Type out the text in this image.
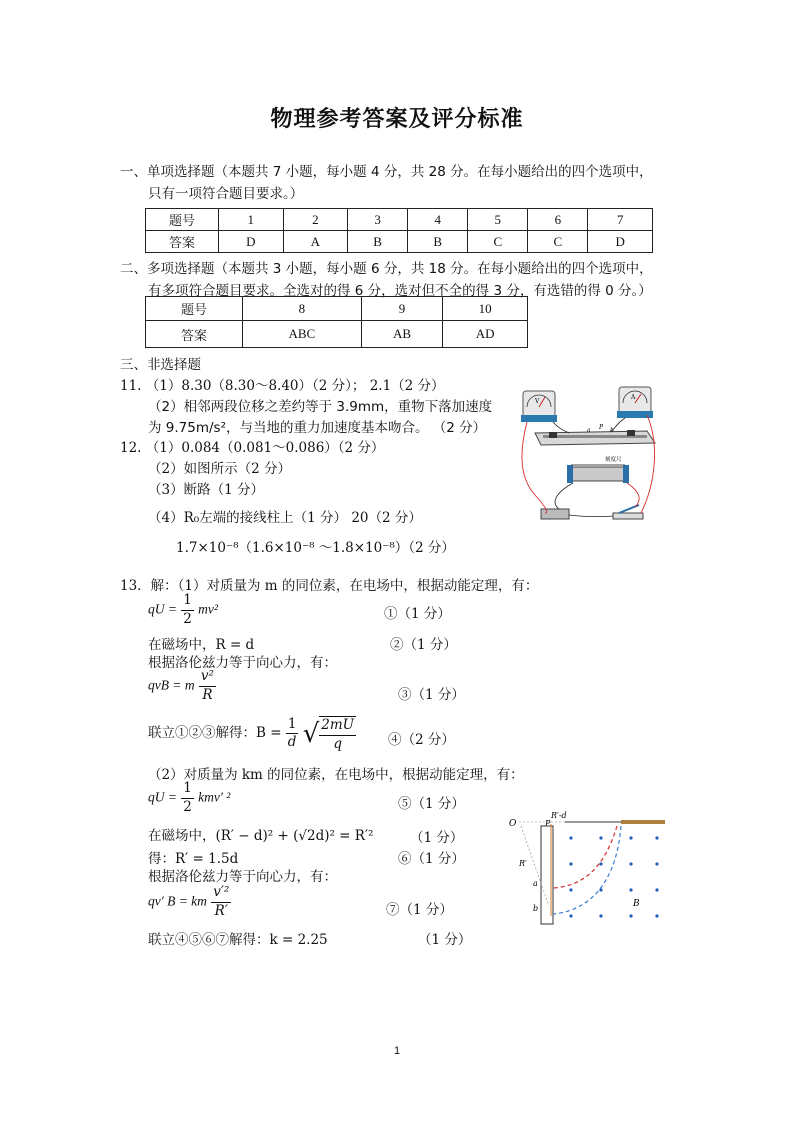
物理参考答案及评分标准
一、单项选择题（本题共 7 小题，每小题 4 分，共 28 分。在每小题给出的四个选项中，
只有一项符合题目要求。）
题号	1	2	3	4	5	6	7
答案	D	A	B	B	C	C	D
二、多项选择题（本题共 3 小题，每小题 6 分，共 18 分。在每小题给出的四个选项中，
有多项符合题目要求。全选对的得 6 分，选对但不全的得 3 分，有选错的得 0 分。）
题号	8	9	10
答案	ABC	AB	AD
三、非选择题
11. （1）8.30（8.30～8.40）（2 分）； 2.1（2 分）
（2）相邻两段位移之差约等于 3.9mm，重物下落加速度
为 9.75m/s²，与当地的重力加速度基本吻合。 （2 分）
12. （1）0.084（0.081～0.086）（2 分）
（2）如图所示（2 分）
（3）断路（1 分）
（4）R₀左端的接线柱上（1 分） 20（2 分）
1.7×10⁻⁸（1.6×10⁻⁸ ～1.8×10⁻⁸）（2 分）
V
A
刻度尺
b
a P
13．解：（1）对质量为 m 的同位素，在电场中，根据动能定理，有：
qU = $\frac{1}{2} mv^2$	①（1 分）
在磁场中，R = d	②（1 分）
根据洛伦兹力等于向心力，有：
qvB = m $\frac{\text{v²}}{R}$	③（1 分）
联立①②③解得：$B = \frac{1}{d}$ √ $\frac{2mU}{q}$ ④（2 分）
（2）对质量为 km 的同位素，在电场中，根据动能定理，有：
qU = $\frac{1}{2} kmv'$ ²	⑤（1 分）
在磁场中，(R′ − d)² + (√2d)² = R′²	（1 分）
得：R′ = 1.5d	⑥（1 分）
根据洛伦兹力等于向心力，有：
qv′ B = km $\frac{\text{v′²}}{R'}$	⑦（1 分）
联立④⑤⑥⑦解得：k = 2.25	（1 分）
O
R′-d
P
R′
a
b	B
1
